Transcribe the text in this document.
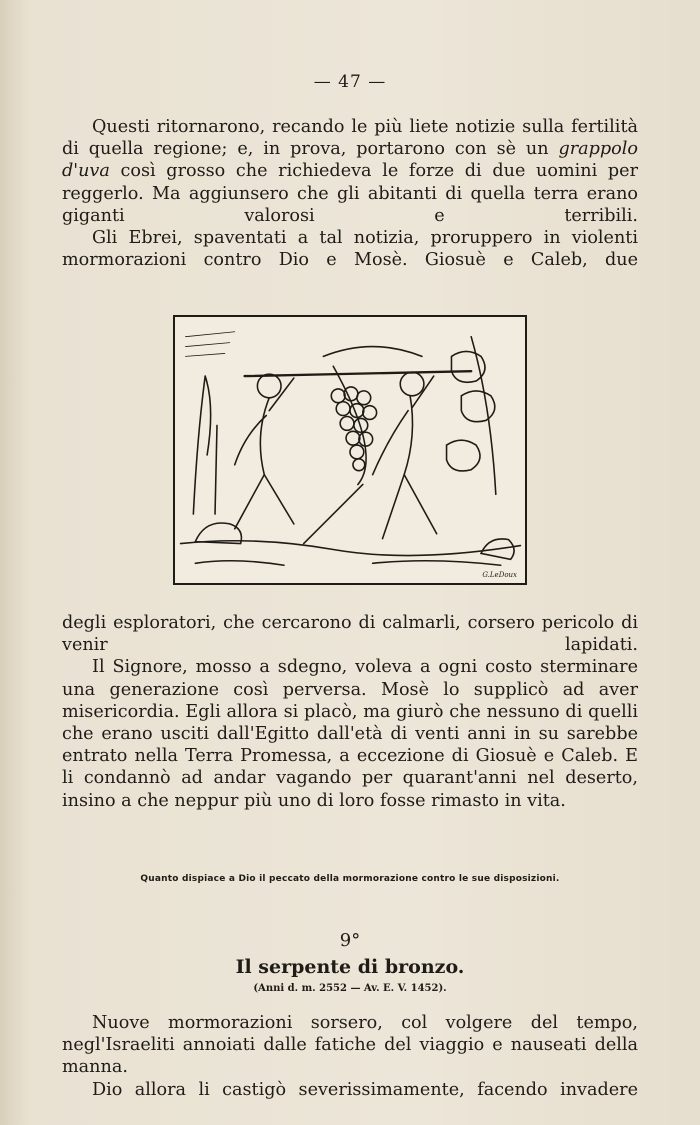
— 47 —

Questi ritornarono, recando le più liete notizie sulla fertilità di quella regione; e, in prova, portarono con sè un grappolo d'uva così grosso che richiedeva le forze di due uomini per reggerlo. Ma aggiunsero che gli abitanti di quella terra erano giganti valorosi e terribili.

Gli Ebrei, spaventati a tal notizia, proruppero in violenti mormorazioni contro Dio e Mosè. Giosuè e Caleb, due

G.LeDoux

degli esploratori, che cercarono di calmarli, corsero pericolo di venir lapidati.

Il Signore, mosso a sdegno, voleva a ogni costo sterminare una generazione così perversa. Mosè lo supplicò ad aver misericordia. Egli allora si placò, ma giurò che nessuno di quelli che erano usciti dall'Egitto dall'età di venti anni in su sarebbe entrato nella Terra Promessa, a eccezione di Giosuè e Caleb. E li condannò ad andar vagando per quarant'anni nel deserto, insino a che neppur più uno di loro fosse rimasto in vita.

Quanto dispiace a Dio il peccato della mormorazione contro le sue disposizioni.
9°
Il serpente di bronzo.
(Anni d. m. 2552 — Av. E. V. 1452).

Nuove mormorazioni sorsero, col volgere del tempo, negl'Israeliti annoiati dalle fatiche del viaggio e nauseati della manna.

Dio allora li castigò severissimamente, facendo invadere
